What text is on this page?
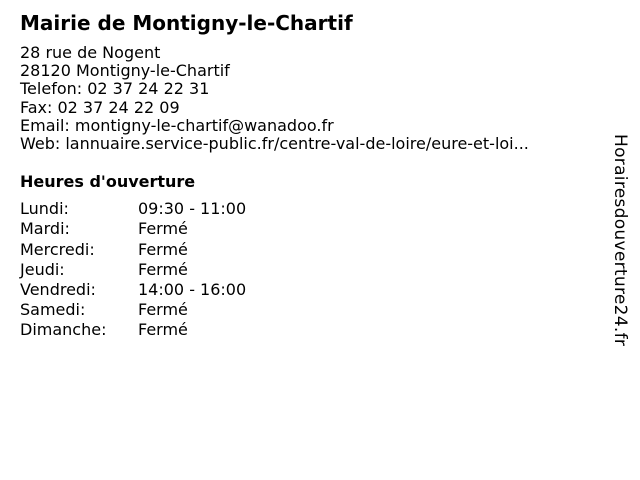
Mairie de Montigny-le-Chartif
28 rue de Nogent
28120 Montigny-le-Chartif
Telefon: 02 37 24 22 31
Fax: 02 37 24 22 09
Email: montigny-le-chartif@wanadoo.fr
Web: lannuaire.service-public.fr/centre-val-de-loire/eure-et-loi...
Heures d'ouverture
Lundi:	09:30 - 11:00
Mardi:	Fermé
Mercredi:	Fermé
Jeudi:	Fermé
Vendredi:	14:00 - 16:00
Samedi:	Fermé
Dimanche:	Fermé	Horairesdouverture24.fr
